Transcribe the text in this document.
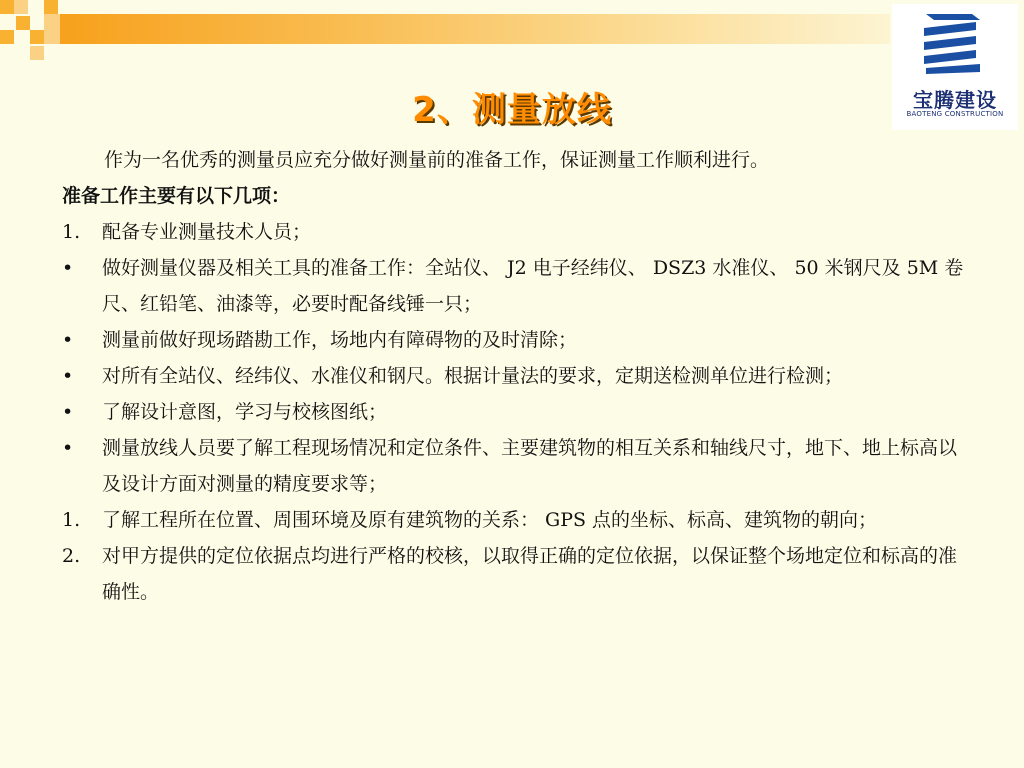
宝腾建设
BAOTENG CONSTRUCTION
2、测量放线
作为一名优秀的测量员应充分做好测量前的准备工作，保证测量工作顺利进行。
准备工作主要有以下几项：
1.	配备专业测量技术人员；
•	做好测量仪器及相关工具的准备工作：全站仪、 J2 电子经纬仪、 DSZ3 水准仪、 50 米钢尺及 5M 卷尺、红铅笔、油漆等，必要时配备线锤一只；
•	测量前做好现场踏勘工作，场地内有障碍物的及时清除；
•	对所有全站仪、经纬仪、水准仪和钢尺。根据计量法的要求，定期送检测单位进行检测；
•	了解设计意图，学习与校核图纸；
•	测量放线人员要了解工程现场情况和定位条件、主要建筑物的相互关系和轴线尺寸，地下、地上标高以及设计方面对测量的精度要求等；
1.	了解工程所在位置、周围环境及原有建筑物的关系： GPS 点的坐标、标高、建筑物的朝向；
2.	对甲方提供的定位依据点均进行严格的校核，以取得正确的定位依据，以保证整个场地定位和标高的准确性。
